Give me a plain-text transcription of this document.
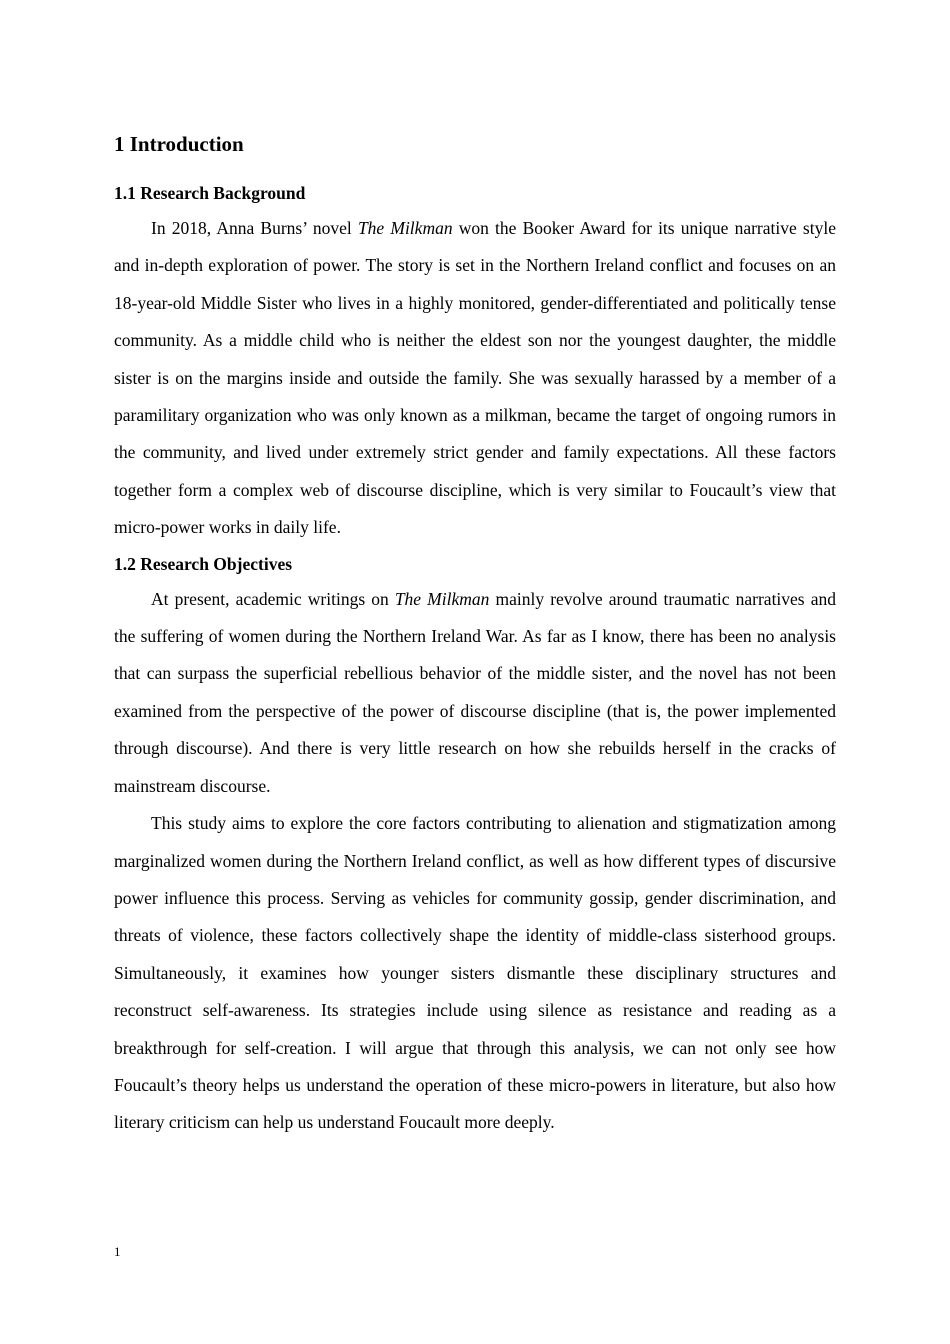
1 Introduction
1.1 Research Background

In 2018, Anna Burns’ novel The Milkman won the Booker Award for its unique narrative style and in-depth exploration of power. The story is set in the Northern Ireland conflict and focuses on an 18-year-old Middle Sister who lives in a highly monitored, gender-differentiated and politically tense community. As a middle child who is neither the eldest son nor the youngest daughter, the middle sister is on the margins inside and outside the family. She was sexually harassed by a member of a paramilitary organization who was only known as a milkman, became the target of ongoing rumors in the community, and lived under extremely strict gender and family expectations. All these factors together form a complex web of discourse discipline, which is very similar to Foucault’s view that micro-power works in daily life.

1.2 Research Objectives

At present, academic writings on The Milkman mainly revolve around traumatic narratives and the suffering of women during the Northern Ireland War. As far as I know, there has been no analysis that can surpass the superficial rebellious behavior of the middle sister, and the novel has not been examined from the perspective of the power of discourse discipline (that is, the power implemented through discourse). And there is very little research on how she rebuilds herself in the cracks of mainstream discourse.

This study aims to explore the core factors contributing to alienation and stigmatization among marginalized women during the Northern Ireland conflict, as well as how different types of discursive power influence this process. Serving as vehicles for community gossip, gender discrimination, and threats of violence, these factors collectively shape the identity of middle-class sisterhood groups. Simultaneously, it examines how younger sisters dismantle these disciplinary structures and reconstruct self-awareness. Its strategies include using silence as resistance and reading as a breakthrough for self-creation. I will argue that through this analysis, we can not only see how Foucault’s theory helps us understand the operation of these micro-powers in literature, but also how literary criticism can help us understand Foucault more deeply.

1
